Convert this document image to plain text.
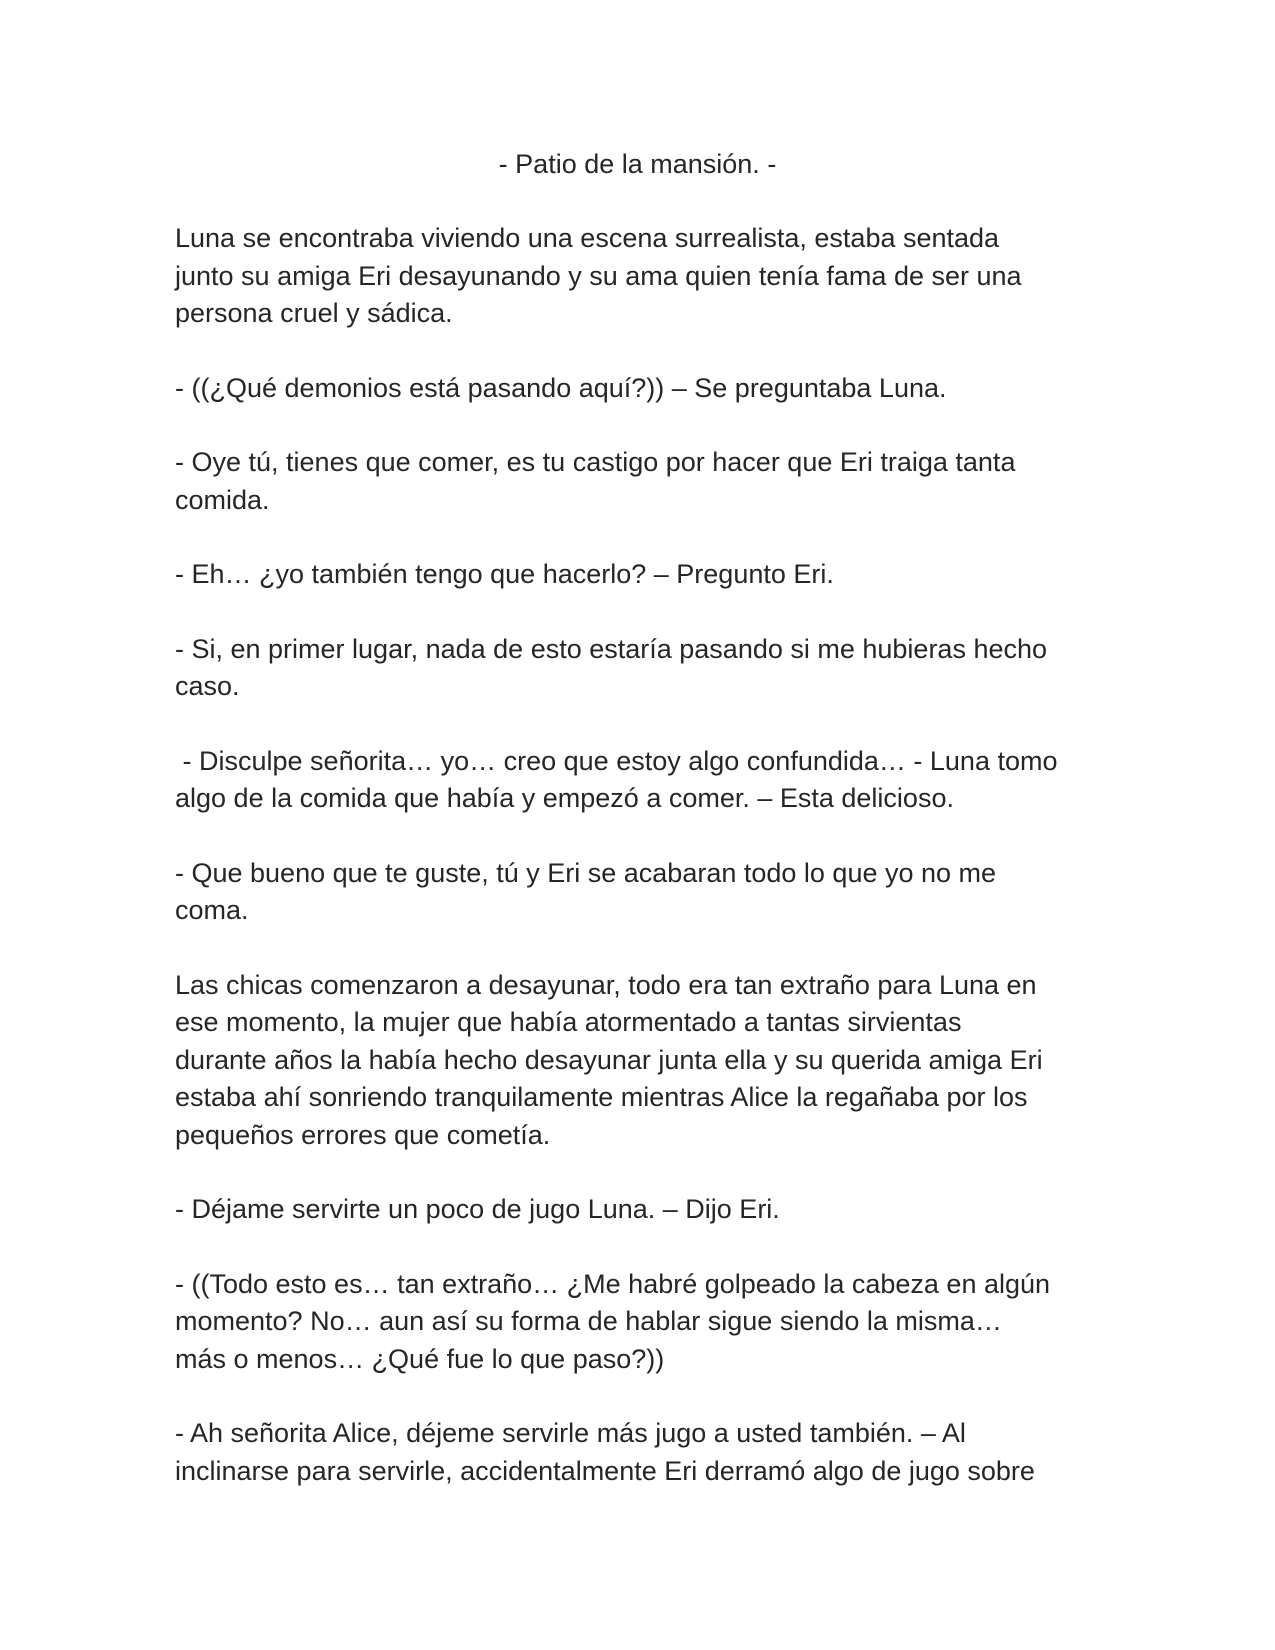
- Patio de la mansión. -

Luna se encontraba viviendo una escena surrealista, estaba sentada
junto su amiga Eri desayunando y su ama quien tenía fama de ser una
persona cruel y sádica.

- ((¿Qué demonios está pasando aquí?)) – Se preguntaba Luna.

- Oye tú, tienes que comer, es tu castigo por hacer que Eri traiga tanta
comida.

- Eh… ¿yo también tengo que hacerlo? – Pregunto Eri.

- Si, en primer lugar, nada de esto estaría pasando si me hubieras hecho
caso.

- Disculpe señorita… yo… creo que estoy algo confundida… - Luna tomo
algo de la comida que había y empezó a comer. – Esta delicioso.

- Que bueno que te guste, tú y Eri se acabaran todo lo que yo no me
coma.

Las chicas comenzaron a desayunar, todo era tan extraño para Luna en
ese momento, la mujer que había atormentado a tantas sirvientas
durante años la había hecho desayunar junta ella y su querida amiga Eri
estaba ahí sonriendo tranquilamente mientras Alice la regañaba por los
pequeños errores que cometía.

- Déjame servirte un poco de jugo Luna. – Dijo Eri.

- ((Todo esto es… tan extraño… ¿Me habré golpeado la cabeza en algún
momento? No… aun así su forma de hablar sigue siendo la misma…
más o menos… ¿Qué fue lo que paso?))

- Ah señorita Alice, déjeme servirle más jugo a usted también. – Al
inclinarse para servirle, accidentalmente Eri derramó algo de jugo sobre
